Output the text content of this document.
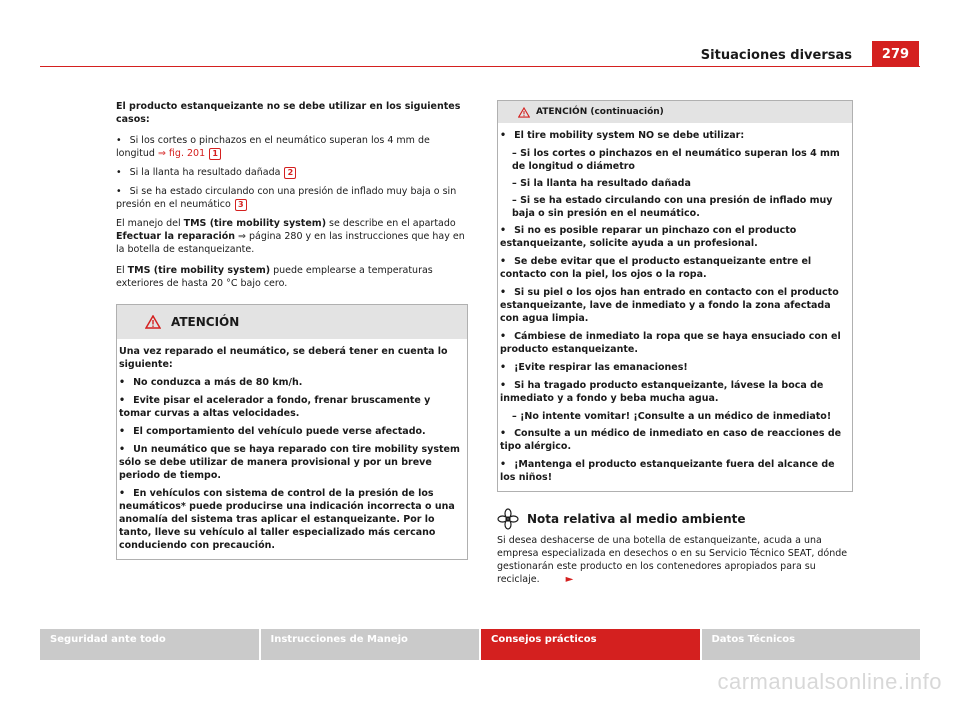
Situaciones diversas	279

El producto estanqueizante no se debe utilizar en los siguientes casos:

• Si los cortes o pinchazos en el neumático superan los 4 mm de longitud ⇒ fig. 201 1
• Si la llanta ha resultado dañada 2
• Si se ha estado circulando con una presión de inflado muy baja o sin presión en el neumático 3

El manejo del TMS (tire mobility system) se describe en el apartado Efectuar la reparación ⇒ página 280 y en las instrucciones que hay en la botella de estanqueizante.

El TMS (tire mobility system) puede emplearse a temperaturas exteriores de hasta 20 °C bajo cero.

ATENCIÓN
Una vez reparado el neumático, se deberá tener en cuenta lo siguiente:
• No conduzca a más de 80 km/h.
• Evite pisar el acelerador a fondo, frenar bruscamente y tomar curvas a altas velocidades.
• El comportamiento del vehículo puede verse afectado.
• Un neumático que se haya reparado con tire mobility system sólo se debe utilizar de manera provisional y por un breve periodo de tiempo.
• En vehículos con sistema de control de la presión de los neumáticos* puede producirse una indicación incorrecta o una anomalía del sistema tras aplicar el estanqueizante. Por lo tanto, lleve su vehículo al taller especializado más cercano conduciendo con precaución.
ATENCIÓN (continuación)
• El tire mobility system NO se debe utilizar:
– Si los cortes o pinchazos en el neumático superan los 4 mm de longitud o diámetro
– Si la llanta ha resultado dañada
– Si se ha estado circulando con una presión de inflado muy baja o sin presión en el neumático.
• Si no es posible reparar un pinchazo con el producto estanqueizante, solicite ayuda a un profesional.
• Se debe evitar que el producto estanqueizante entre el contacto con la piel, los ojos o la ropa.
• Si su piel o los ojos han entrado en contacto con el producto estanqueizante, lave de inmediato y a fondo la zona afectada con agua limpia.
• Cámbiese de inmediato la ropa que se haya ensuciado con el producto estanqueizante.
• ¡Evite respirar las emanaciones!
• Si ha tragado producto estanqueizante, lávese la boca de inmediato y a fondo y beba mucha agua.
– ¡No intente vomitar! ¡Consulte a un médico de inmediato!
• Consulte a un médico de inmediato en caso de reacciones de tipo alérgico.
• ¡Mantenga el producto estanqueizante fuera del alcance de los niños!
Nota relativa al medio ambiente

Si desea deshacerse de una botella de estanqueizante, acuda a una empresa especializada en desechos o en su Servicio Técnico SEAT, dónde gestionarán este producto en los contenedores apropiados para su reciclaje.	►

Seguridad ante todo	Instrucciones de Manejo	Consejos prácticos	Datos Técnicos
carmanualsonline.info
